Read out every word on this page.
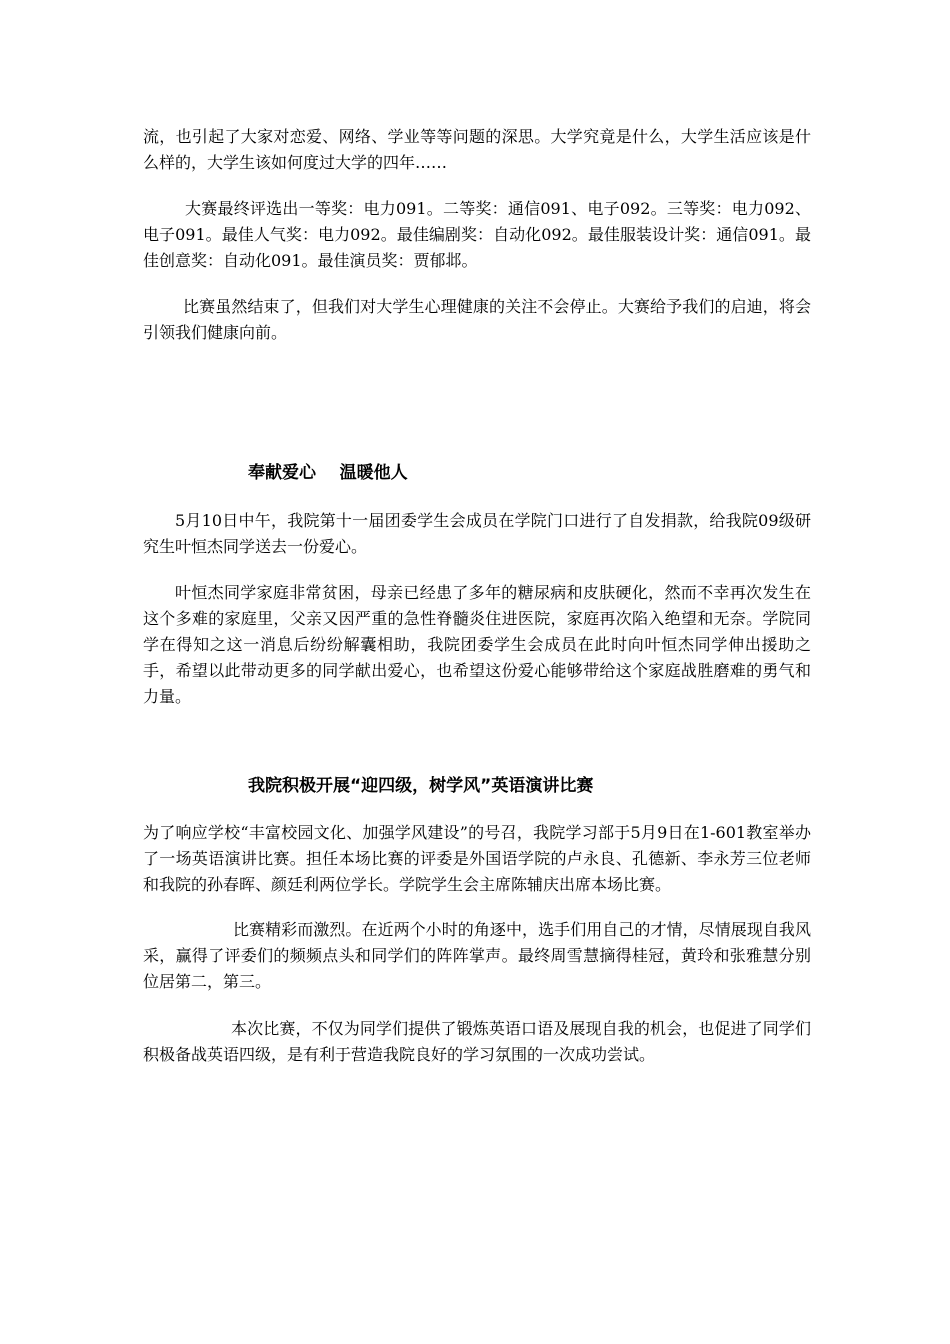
流，也引起了大家对恋爱、网络、学业等等问题的深思。大学究竟是什么，大学生活应该是什么样的，大学生该如何度过大学的四年……

大赛最终评选出一等奖：电力091。二等奖：通信091、电子092。三等奖：电力092、电子091。最佳人气奖：电力092。最佳编剧奖：自动化092。最佳服装设计奖：通信091。最佳创意奖：自动化091。最佳演员奖：贾郁邶。

比赛虽然结束了，但我们对大学生心理健康的关注不会停止。大赛给予我们的启迪，将会引领我们健康向前。

奉献爱心    温暖他人

5月10日中午，我院第十一届团委学生会成员在学院门口进行了自发捐款，给我院09级研究生叶恒杰同学送去一份爱心。

叶恒杰同学家庭非常贫困，母亲已经患了多年的糖尿病和皮肤硬化，然而不幸再次发生在这个多难的家庭里，父亲又因严重的急性脊髓炎住进医院，家庭再次陷入绝望和无奈。学院同学在得知之这一消息后纷纷解囊相助，我院团委学生会成员在此时向叶恒杰同学伸出援助之手，希望以此带动更多的同学献出爱心，也希望这份爱心能够带给这个家庭战胜磨难的勇气和力量。

我院积极开展“迎四级，树学风”英语演讲比赛

为了响应学校“丰富校园文化、加强学风建设”的号召，我院学习部于5月9日在1-601教室举办了一场英语演讲比赛。担任本场比赛的评委是外国语学院的卢永良、孔德新、李永芳三位老师和我院的孙春晖、颜廷利两位学长。学院学生会主席陈辅庆出席本场比赛。

比赛精彩而激烈。在近两个小时的角逐中，选手们用自己的才情，尽情展现自我风采，赢得了评委们的频频点头和同学们的阵阵掌声。最终周雪慧摘得桂冠，黄玲和张雅慧分别位居第二，第三。

本次比赛，不仅为同学们提供了锻炼英语口语及展现自我的机会，也促进了同学们积极备战英语四级，是有利于营造我院良好的学习氛围的一次成功尝试。
